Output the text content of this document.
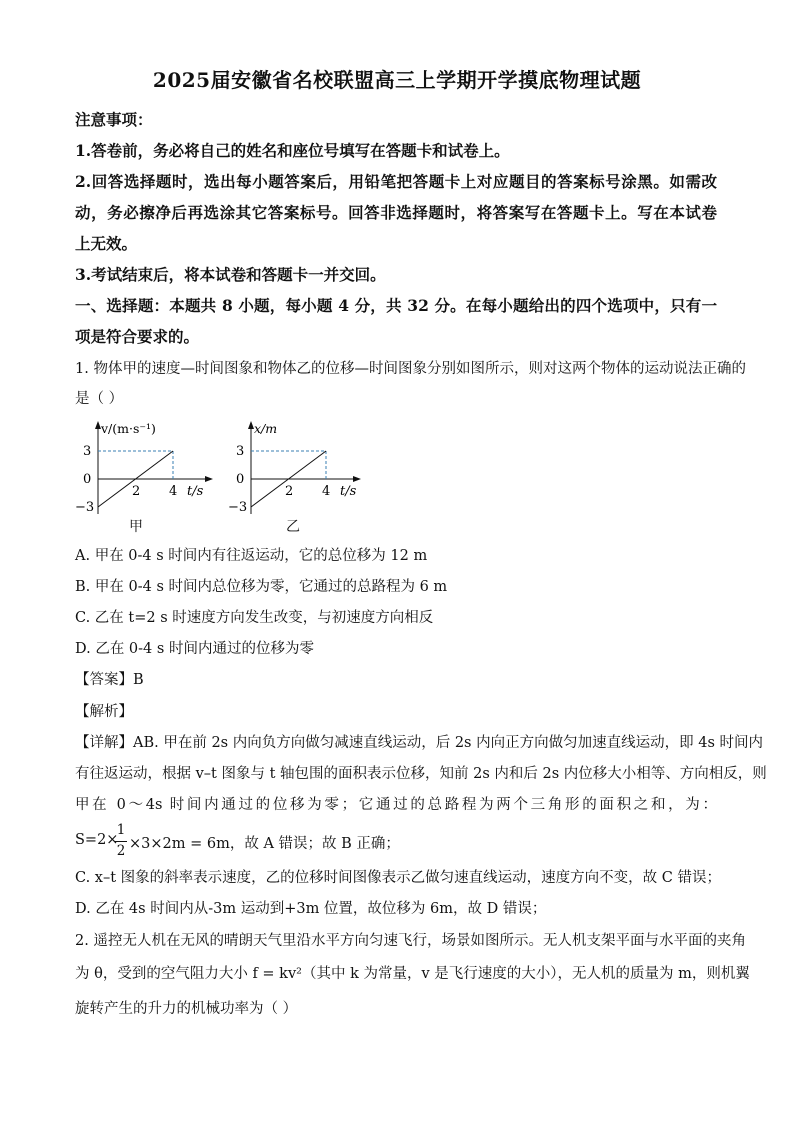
2025届安徽省名校联盟高三上学期开学摸底物理试题
注意事项：
1.答卷前，务必将自己的姓名和座位号填写在答题卡和试卷上。
2.回答选择题时，选出每小题答案后，用铅笔把答题卡上对应题目的答案标号涂黑。如需改
动，务必擦净后再选涂其它答案标号。回答非选择题时，将答案写在答题卡上。写在本试卷
上无效。
3.考试结束后，将本试卷和答题卡一并交回。
一、选择题：本题共 8 小题，每小题 4 分，共 32 分。在每小题给出的四个选项中，只有一
项是符合要求的。
1. 物体甲的速度—时间图象和物体乙的位移—时间图象分别如图所示，则对这两个物体的运动说法正确的
是（ ）
v/(m·s⁻¹)
3
0
−3
2 4 t/s
甲
x/m
3
0
−3
2 4 t/s
乙
A. 甲在 0-4 s 时间内有往返运动，它的总位移为 12 m
B. 甲在 0-4 s 时间内总位移为零，它通过的总路程为 6 m
C. 乙在 t=2 s 时速度方向发生改变，与初速度方向相反
D. 乙在 0-4 s 时间内通过的位移为零
【答案】B
【解析】
【详解】AB. 甲在前 2s 内向负方向做匀减速直线运动，后 2s 内向正方向做匀加速直线运动，即 4s 时间内
有往返运动，根据 v–t 图象与 t 轴包围的面积表示位移，知前 2s 内和后 2s 内位移大小相等、方向相反，则
甲在 0～4s 时间内通过的位移为零；它通过的总路程为两个三角形的面积之和，为：
S=2×
1
2 ×3×2m = 6m，故 A 错误；故 B 正确；
C. x–t 图象的斜率表示速度，乙的位移时间图像表示乙做匀速直线运动，速度方向不变，故 C 错误；
D. 乙在 4s 时间内从-3m 运动到+3m 位置，故位移为 6m，故 D 错误；
2. 遥控无人机在无风的晴朗天气里沿水平方向匀速飞行，场景如图所示。无人机支架平面与水平面的夹角
为 θ，受到的空气阻力大小 f = kv²（其中 k 为常量，v 是飞行速度的大小），无人机的质量为 m，则机翼
旋转产生的升力的机械功率为（ ）
